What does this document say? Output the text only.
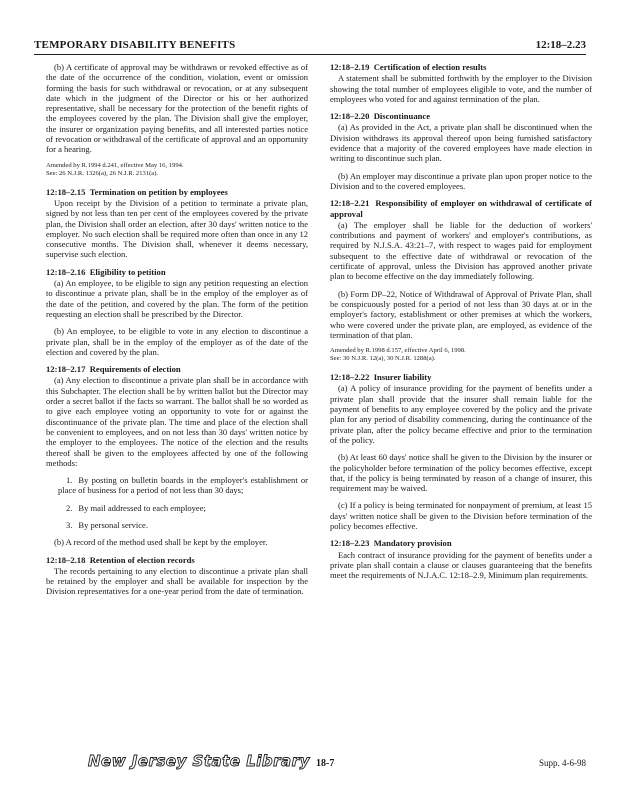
TEMPORARY DISABILITY BENEFITS	12:18–2.23

(b) A certificate of approval may be withdrawn or revoked effective as of the date of the occurrence of the condition, violation, event or omission forming the basis for such withdrawal or revocation, or at any subsequent date which in the judgment of the Director or his or her authorized representative, shall be necessary for the protection of the benefit rights of the employees covered by the plan. The Division shall give the employer, the insurer or organization paying benefits, and all interested parties notice of revocation or withdrawal of the certificate of approval and an opportunity for a hearing.

Amended by R.1994 d.241, effective May 16, 1994.
See: 26 N.J.R. 1326(a), 26 N.J.R. 2131(a).
12:18–2.15 Termination on petition by employees

Upon receipt by the Division of a petition to terminate a private plan, signed by not less than ten per cent of the employees covered by the private plan, the Division shall order an election, after 30 days' written notice to the employer. No such election shall be required more often than once in any 12 consecutive months. The Division shall, whenever it deems necessary, supervise such election.

12:18–2.16 Eligibility to petition

(a) An employee, to be eligible to sign any petition requesting an election to discontinue a private plan, shall be in the employ of the employer as of the date of the petition, and covered by the plan. The form of the petition requesting an election shall be prescribed by the Director.

(b) An employee, to be eligible to vote in any election to discontinue a private plan, shall be in the employ of the employer as of the date of the election and covered by the plan.

12:18–2.17 Requirements of election

(a) Any election to discontinue a private plan shall be in accordance with this Subchapter. The election shall be by written ballot but the Director may order a secret ballot if the facts so warrant. The ballot shall be so worded as to give each employee voting an opportunity to vote for or against the discontinuance of the private plan. The time and place of the election shall be convenient to employees, and on not less than 30 days' written notice by the employer to the employees. The notice of the election and the results thereof shall be given to the employees affected by one of the following methods:

1. By posting on bulletin boards in the employer's establishment or place of business for a period of not less than 30 days;

2. By mail addressed to each employee;

3. By personal service.

(b) A record of the method used shall be kept by the employer.

12:18–2.18 Retention of election records

The records pertaining to any election to discontinue a private plan shall be retained by the employer and shall be available for inspection by the Division representatives for a one-year period from the date of termination.

12:18–2.19 Certification of election results

A statement shall be submitted forthwith by the employer to the Division showing the total number of employees eligible to vote, and the number of employees who voted for and against termination of the plan.

12:18–2.20 Discontinuance

(a) As provided in the Act, a private plan shall be discontinued when the Division withdraws its approval thereof upon being furnished satisfactory evidence that a majority of the covered employees have made election in writing to discontinue such plan.

(b) An employer may discontinue a private plan upon proper notice to the Division and to the covered employees.

12:18–2.21 Responsibility of employer on withdrawal of certificate of approval

(a) The employer shall be liable for the deduction of workers' contributions and payment of workers' and employer's contributions, as required by N.J.S.A. 43:21–7, with respect to wages paid for employment subsequent to the effective date of withdrawal or revocation of the certificate of approval, unless the Division has approved another private plan to become effective on the day immediately following.

(b) Form DP–22, Notice of Withdrawal of Approval of Private Plan, shall be conspicuously posted for a period of not less than 30 days at or in the employer's factory, establishment or other premises at which the workers, who were covered under the private plan, are employed, as evidence of the termination of that plan.

Amended by R.1998 d.157, effective April 6, 1998.
See: 30 N.J.R. 12(a), 30 N.J.R. 1288(a).
12:18–2.22 Insurer liability

(a) A policy of insurance providing for the payment of benefits under a private plan shall provide that the insurer shall remain liable for the payment of benefits to any employee covered by the policy and the private plan for any period of disability commencing, during the continuance of the private plan, after the policy became effective and prior to the termination of the policy.

(b) At least 60 days' notice shall be given to the Division by the insurer or the policyholder before termination of the policy becomes effective, except that, if the policy is being terminated by reason of a change of insurer, this requirement may be waived.

(c) If a policy is being terminated for nonpayment of premium, at least 15 days' written notice shall be given to the Division before termination of the policy becomes effective.

12:18–2.23 Mandatory provision

Each contract of insurance providing for the payment of benefits under a private plan shall contain a clause or clauses guaranteeing that the benefits meet the requirements of N.J.A.C. 12:18–2.9, Minimum plan requirements.

New Jersey State Library 18-7	Supp. 4-6-98
